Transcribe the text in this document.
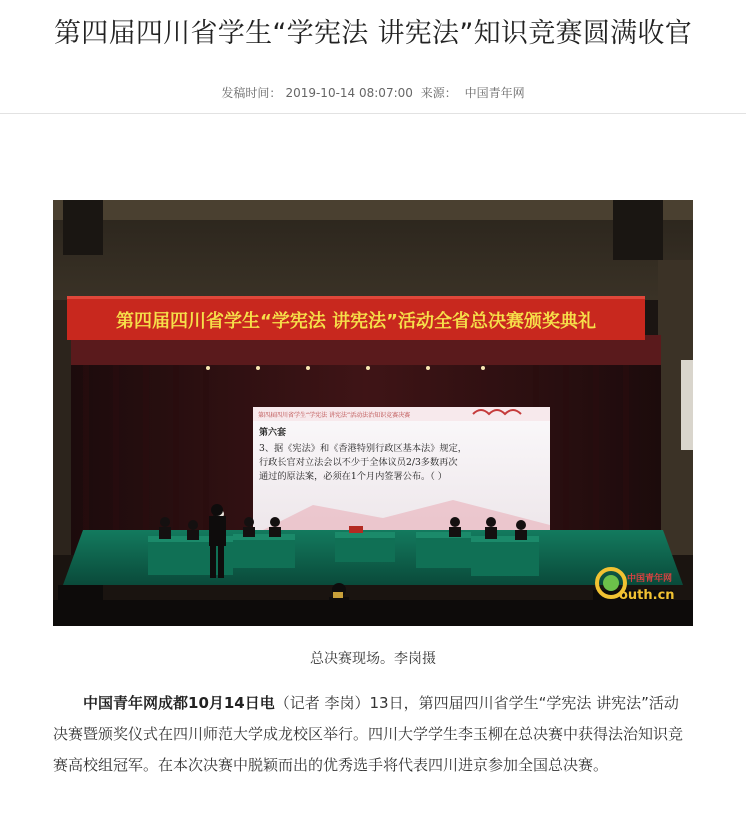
第四届四川省学生“学宪法 讲宪法”知识竞赛圆满收官
发稿时间： 2019-10-14 08:07:00 来源： 中国青年网
第四届四川省学生“学宪法 讲宪法”活动全省总决赛颁奖典礼
第四届四川省学生“学宪法 讲宪法”活动法治知识竞赛决赛
第六套
3、据《宪法》和《香港特别行政区基本法》规定，
行政长官对立法会以不少于全体议员2/3多数再次
通过的原法案，必须在1个月内签署公布。（ ）
中国青年网
outh.cn
总决赛现场。李岗摄

中国青年网成都10月14日电（记者 李岗）13日，第四届四川省学生“学宪法 讲宪法”活动决赛暨颁奖仪式在四川师范大学成龙校区举行。四川大学学生李玉柳在总决赛中获得法治知识竞赛高校组冠军。在本次决赛中脱颖而出的优秀选手将代表四川进京参加全国总决赛。
